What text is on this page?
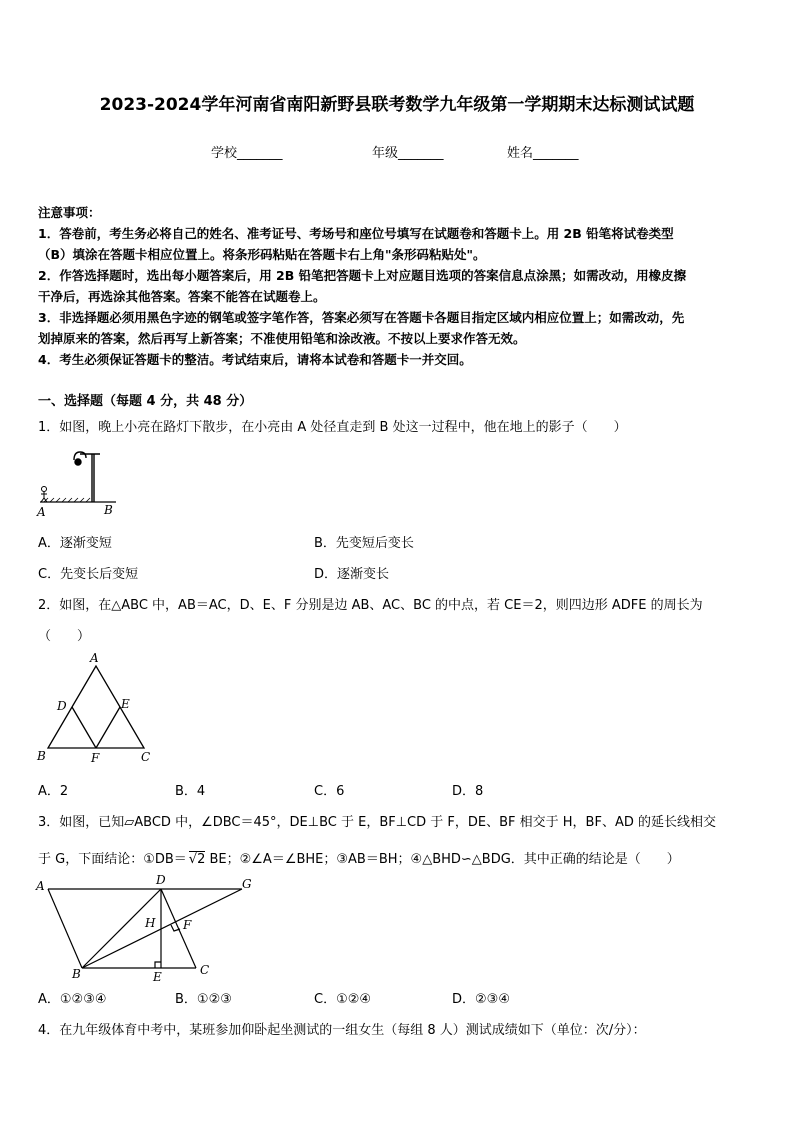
2023-2024学年河南省南阳新野县联考数学九年级第一学期期末达标测试试题
学校_______	年级_______	姓名_______
注意事项：
1．答卷前，考生务必将自己的姓名、准考证号、考场号和座位号填写在试题卷和答题卡上。用 2B 铅笔将试卷类型
（B）填涂在答题卡相应位置上。将条形码粘贴在答题卡右上角"条形码粘贴处"。
2．作答选择题时，选出每小题答案后，用 2B 铅笔把答题卡上对应题目选项的答案信息点涂黑；如需改动，用橡皮擦
干净后，再选涂其他答案。答案不能答在试题卷上。
3．非选择题必须用黑色字迹的钢笔或签字笔作答，答案必须写在答题卡各题目指定区域内相应位置上；如需改动，先
划掉原来的答案，然后再写上新答案；不准使用铅笔和涂改液。不按以上要求作答无效。
4．考生必须保证答题卡的整洁。考试结束后，请将本试卷和答题卡一并交回。
一、选择题（每题 4 分，共 48 分）
1．如图，晚上小亮在路灯下散步，在小亮由 A 处径直走到 B 处这一过程中，他在地上的影子（　　）
A	B
A．逐渐变短	B．先变短后变长
C．先变长后变短	D．逐渐变长
2．如图，在△ABC 中，AB＝AC，D、E、F 分别是边 AB、AC、BC 的中点，若 CE＝2，则四边形 ADFE 的周长为
（　　）
A
B	C
D	E
F
A．2	B．4	C．6	D．8
3．如图，已知▱ABCD 中，∠DBC＝45°，DE⊥BC 于 E，BF⊥CD 于 F，DE、BF 相交于 H，BF、AD 的延长线相交
于 G，下面结论：①DB＝ √2 BE；②∠A＝∠BHE；③AB＝BH；④△BHD∽△BDG．其中正确的结论是（　　）
A
B	C
D
E
F
G
H
A．①②③④	B．①②③	C．①②④	D．②③④
4．在九年级体育中考中，某班参加仰卧起坐测试的一组女生（每组 8 人）测试成绩如下（单位：次/分）：
